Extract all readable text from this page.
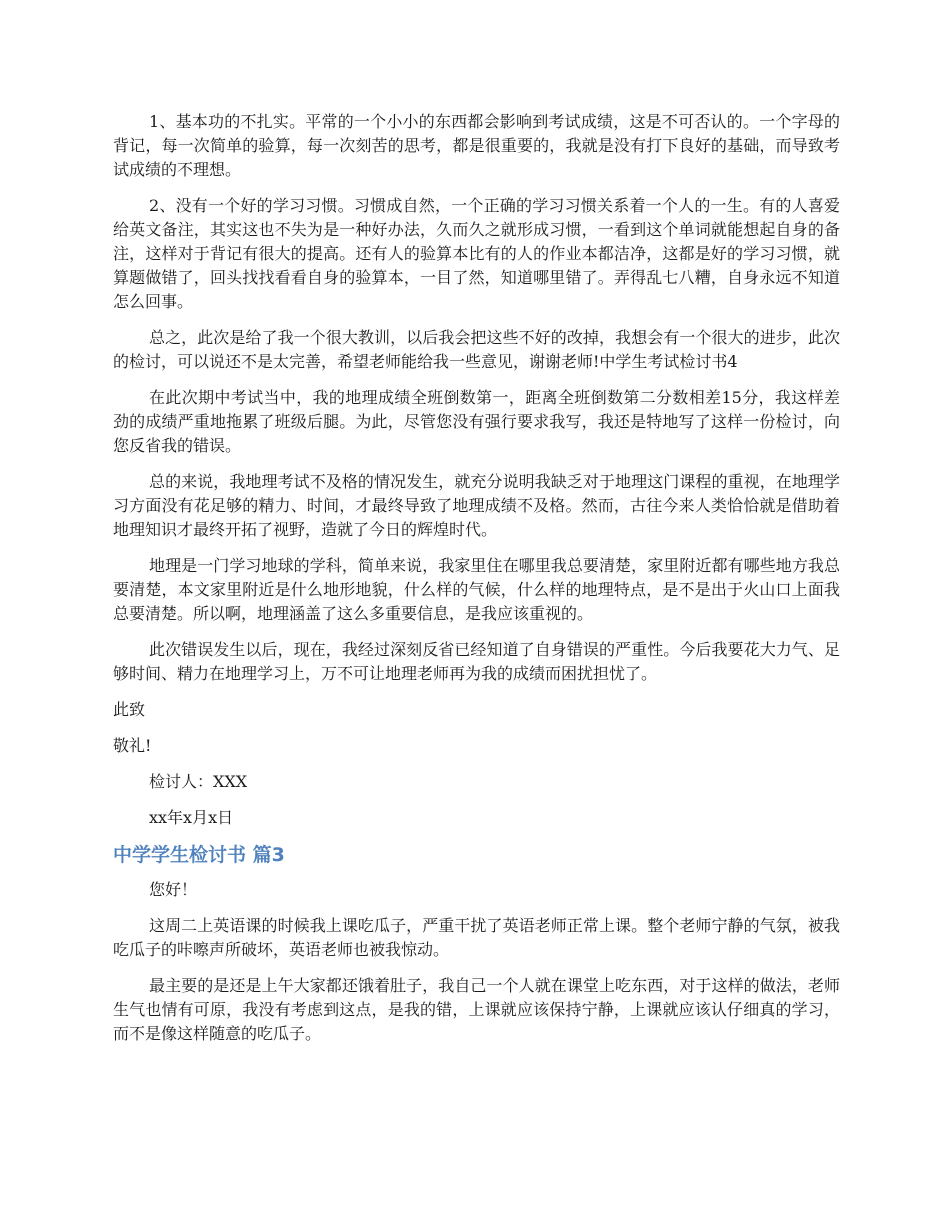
1、基本功的不扎实。平常的一个小小的东西都会影响到考试成绩，这是不可否认的。一个字母的背记，每一次简单的验算，每一次刻苦的思考，都是很重要的，我就是没有打下良好的基础，而导致考试成绩的不理想。

2、没有一个好的学习习惯。习惯成自然，一个正确的学习习惯关系着一个人的一生。有的人喜爱给英文备注，其实这也不失为是一种好办法，久而久之就形成习惯，一看到这个单词就能想起自身的备注，这样对于背记有很大的提高。还有人的验算本比有的人的作业本都洁净，这都是好的学习习惯，就算题做错了，回头找找看看自身的验算本，一目了然，知道哪里错了。弄得乱七八糟，自身永远不知道怎么回事。

总之，此次是给了我一个很大教训，以后我会把这些不好的改掉，我想会有一个很大的进步，此次的检讨，可以说还不是太完善，希望老师能给我一些意见，谢谢老师!中学生考试检讨书4

在此次期中考试当中，我的地理成绩全班倒数第一，距离全班倒数第二分数相差15分，我这样差劲的成绩严重地拖累了班级后腿。为此，尽管您没有强行要求我写，我还是特地写了这样一份检讨，向您反省我的错误。

总的来说，我地理考试不及格的情况发生，就充分说明我缺乏对于地理这门课程的重视，在地理学习方面没有花足够的精力、时间，才最终导致了地理成绩不及格。然而，古往今来人类恰恰就是借助着地理知识才最终开拓了视野，造就了今日的辉煌时代。

地理是一门学习地球的学科，简单来说，我家里住在哪里我总要清楚，家里附近都有哪些地方我总要清楚，本文家里附近是什么地形地貌，什么样的气候，什么样的地理特点，是不是出于火山口上面我总要清楚。所以啊，地理涵盖了这么多重要信息，是我应该重视的。

此次错误发生以后，现在，我经过深刻反省已经知道了自身错误的严重性。今后我要花大力气、足够时间、精力在地理学习上，万不可让地理老师再为我的成绩而困扰担忧了。

此致

敬礼!

检讨人：XXX

xx年x月x日

中学学生检讨书 篇3

您好！

这周二上英语课的时候我上课吃瓜子，严重干扰了英语老师正常上课。整个老师宁静的气氛，被我吃瓜子的咔嚓声所破坏，英语老师也被我惊动。

最主要的是还是上午大家都还饿着肚子，我自己一个人就在课堂上吃东西，对于这样的做法，老师生气也情有可原，我没有考虑到这点，是我的错，上课就应该保持宁静，上课就应该认仔细真的学习，而不是像这样随意的吃瓜子。
